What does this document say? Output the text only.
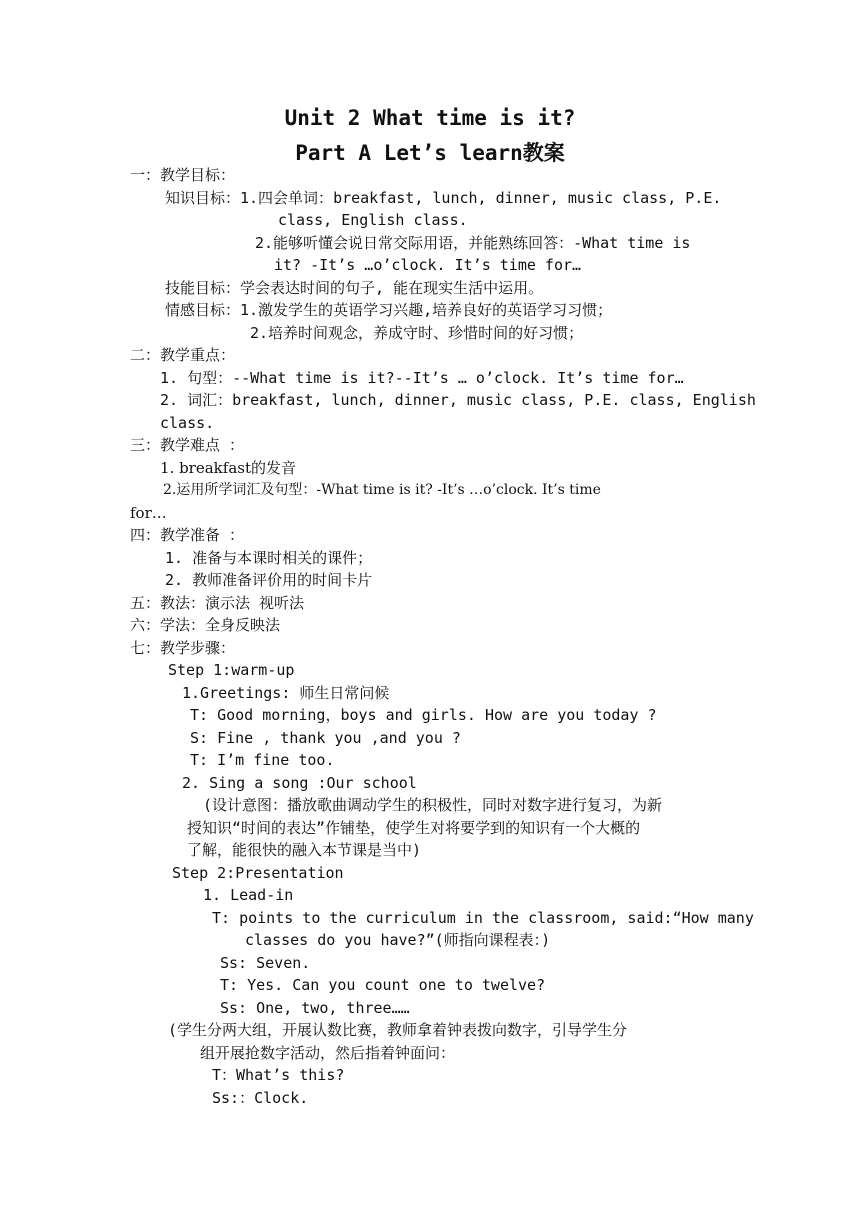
Unit 2 What time is it?
Part A Let’s learn教案
一：教学目标：
知识目标：1.四会单词：breakfast, lunch, dinner, music class, P.E.
class, English class.
2.能够听懂会说日常交际用语，并能熟练回答：-What time is
it? -It’s …o’clock. It’s time for…
技能目标：学会表达时间的句子, 能在现实生活中运用。
情感目标：1.激发学生的英语学习兴趣,培养良好的英语学习习惯；
2.培养时间观念，养成守时、珍惜时间的好习惯；
二：教学重点：
1. 句型：--What time is it?--It’s … o’clock. It’s time for…
2. 词汇：breakfast, lunch, dinner, music class, P.E. class, English
class.
三：教学难点 ：
1. breakfast的发音
2.运用所学词汇及句型：-What time is it? -It’s …o’clock. It’s time
for…
四：教学准备 ：
1. 准备与本课时相关的课件；
2. 教师准备评价用的时间卡片
五：教法：演示法 视听法
六：学法：全身反映法
七：教学步骤：
Step 1:warm-up
1.Greetings: 师生日常问候
T: Good morning，boys and girls. How are you today ?
S: Fine , thank you ,and you ?
T: I’m fine too.
2. Sing a song :Our school
(设计意图：播放歌曲调动学生的积极性，同时对数字进行复习，为新
授知识“时间的表达”作铺垫，使学生对将要学到的知识有一个大概的
了解，能很快的融入本节课是当中)
Step 2:Presentation
1. Lead-in
T: points to the curriculum in the classroom, said:“How many
classes do you have?”(师指向课程表：)
Ss: Seven.
T: Yes. Can you count one to twelve?
Ss: One, two, three……
(学生分两大组，开展认数比赛，教师拿着钟表拨向数字，引导学生分
组开展抢数字活动，然后指着钟面问：
T：What’s this?
Ss:：Clock.
